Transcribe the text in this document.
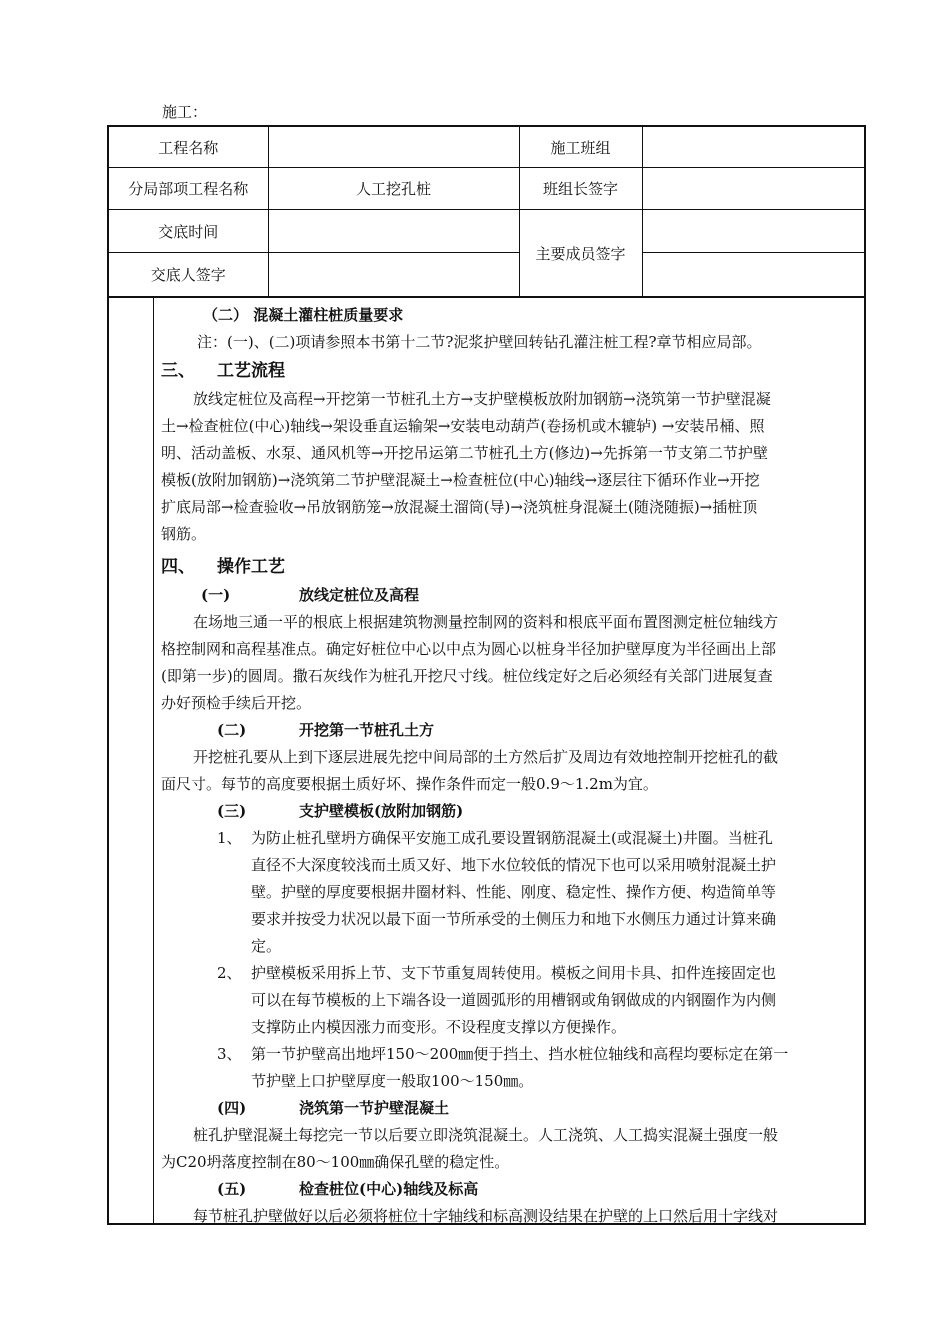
施工：
工程名称		施工班组	
分局部项工程名称	人工挖孔桩	班组长签字	
交底时间		主要成员签字	
交底人签字			
（二） 混凝土灌柱桩质量要求
注：(一)、(二)项请参照本书第十二节?泥浆护壁回转钻孔灌注桩工程?章节相应局部。
三、 工艺流程
放线定桩位及高程→开挖第一节桩孔土方→支护壁模板放附加钢筋→浇筑第一节护壁混凝
土→检查桩位(中心)轴线→架设垂直运输架→安装电动葫芦(卷扬机或木辘轳) →安装吊桶、照
明、活动盖板、水泵、通风机等→开挖吊运第二节桩孔土方(修边)→先拆第一节支第二节护壁
模板(放附加钢筋)→浇筑第二节护壁混凝土→检查桩位(中心)轴线→逐层往下循环作业→开挖
扩底局部→检查验收→吊放钢筋笼→放混凝土溜筒(导)→浇筑桩身混凝土(随浇随振)→插桩顶
钢筋。
四、 操作工艺
(一)	放线定桩位及高程
在场地三通一平的根底上根据建筑物测量控制网的资料和根底平面布置图测定桩位轴线方
格控制网和高程基准点。确定好桩位中心以中点为圆心以桩身半径加护壁厚度为半径画出上部
(即第一步)的圆周。撒石灰线作为桩孔开挖尺寸线。桩位线定好之后必须经有关部门进展复查
办好预检手续后开挖。
(二)	开挖第一节桩孔土方
开挖桩孔要从上到下逐层进展先挖中间局部的土方然后扩及周边有效地控制开挖桩孔的截
面尺寸。每节的高度要根据土质好坏、操作条件而定一般0.9～1.2m为宜。
(三)	支护壁模板(放附加钢筋)
1、 为防止桩孔壁坍方确保平安施工成孔要设置钢筋混凝土(或混凝土)井圈。当桩孔
直径不大深度较浅而土质又好、地下水位较低的情况下也可以采用喷射混凝土护
壁。护壁的厚度要根据井圈材料、性能、刚度、稳定性、操作方便、构造简单等
要求并按受力状况以最下面一节所承受的土侧压力和地下水侧压力通过计算来确
定。
2、 护壁模板采用拆上节、支下节重复周转使用。模板之间用卡具、扣件连接固定也
可以在每节模板的上下端各设一道圆弧形的用槽钢或角钢做成的内钢圈作为内侧
支撑防止内模因涨力而变形。不设程度支撑以方便操作。
3、 第一节护壁高出地坪150～200㎜便于挡土、挡水桩位轴线和高程均要标定在第一
节护壁上口护壁厚度一般取100～150㎜。
(四)	浇筑第一节护壁混凝土
桩孔护壁混凝土每挖完一节以后要立即浇筑混凝土。人工浇筑、人工捣实混凝土强度一般
为C20坍落度控制在80～100㎜确保孔壁的稳定性。
(五)	检查桩位(中心)轴线及标高
每节桩孔护壁做好以后必须将桩位十字轴线和标高测设结果在护壁的上口然后用十字线对
